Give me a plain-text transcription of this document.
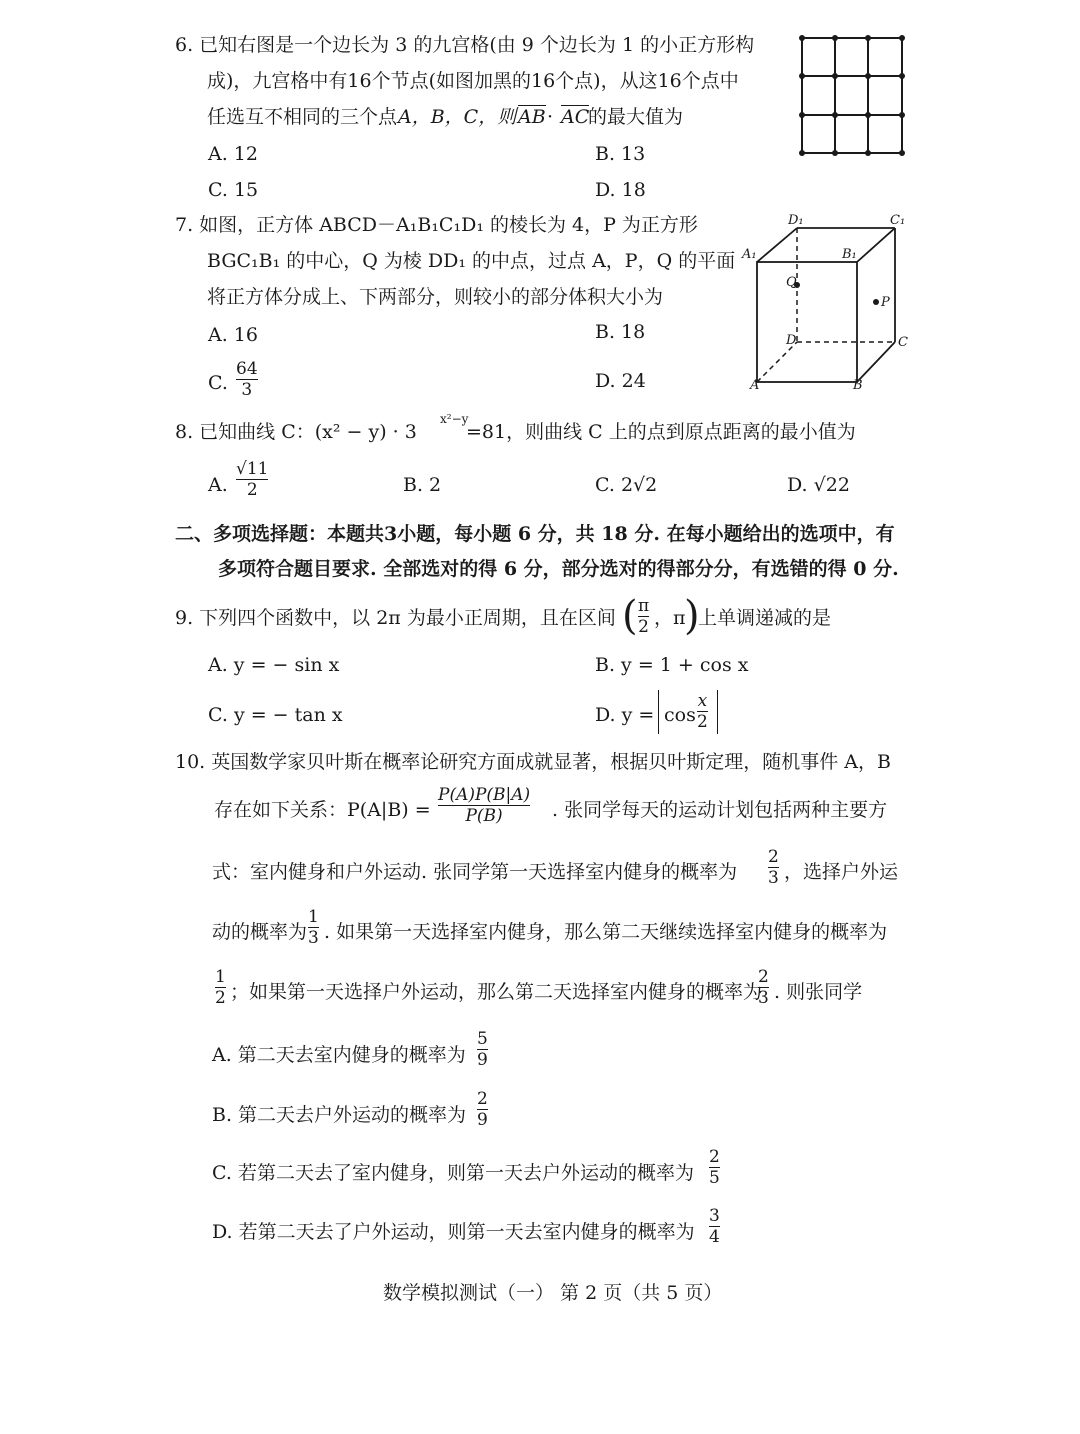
6. 已知右图是一个边长为 3 的九宫格(由 9 个边长为 1 的小正方形构
成)，九宫格中有16个节点(如图加黑的16个点)，从这16个点中
任选互不相同的三个点 A，B，C，则 AB · AC
的最大值为
A. 12	B. 13
C. 15	D. 18
7. 如图，正方体 ABCD－A₁B₁C₁D₁ 的棱长为 4，P 为正方形
BGC₁B₁ 的中心，Q 为棱 DD₁ 的中点，过点 A，P，Q 的平面
将正方体分成上、下两部分，则较小的部分体积大小为
A. 16	B. 18
C.
64
3	D. 24
D₁	C₁
A₁	B₁
Q
P
D	C
A	B
8. 已知曲线 C：(x² − y) · 3
x²−y
=81，则曲线 C 上的点到原点距离的最小值为
A.
√11
2	B. 2	C. 2√2	D. √22
二、多项选择题：本题共3小题，每小题 6 分，共 18 分. 在每小题给出的选项中，有
多项符合题目要求. 全部选对的得 6 分，部分选对的得部分分，有选错的得 0 分.
9. 下列四个函数中，以 2π 为最小正周期，且在区间 ( π
2 ，π
)
上单调递减的是
A. y = − sin x	B. y = 1 + cos x
C. y = − tan x	D. y = cos
x
2
10. 英国数学家贝叶斯在概率论研究方面成就显著，根据贝叶斯定理，随机事件 A，B
存在如下关系：P(A|B) =
P(A)P(B|A)
P(B)	. 张同学每天的运动计划包括两种主要方
式：室内健身和户外运动. 张同学第一天选择室内健身的概率为
2
3 ，选择户外运
动的概率为
1
3 . 如果第一天选择室内健身，那么第二天继续选择室内健身的概率为
1
2 ；如果第一天选择户外运动，那么第二天选择室内健身的概率为
2
3 . 则张同学
A. 第二天去室内健身的概率为
5
9
B. 第二天去户外运动的概率为
2
9
C. 若第二天去了室内健身，则第一天去户外运动的概率为
2
5
D. 若第二天去了户外运动，则第一天去室内健身的概率为
3
4
数学模拟测试（一） 第 2 页（共 5 页）
